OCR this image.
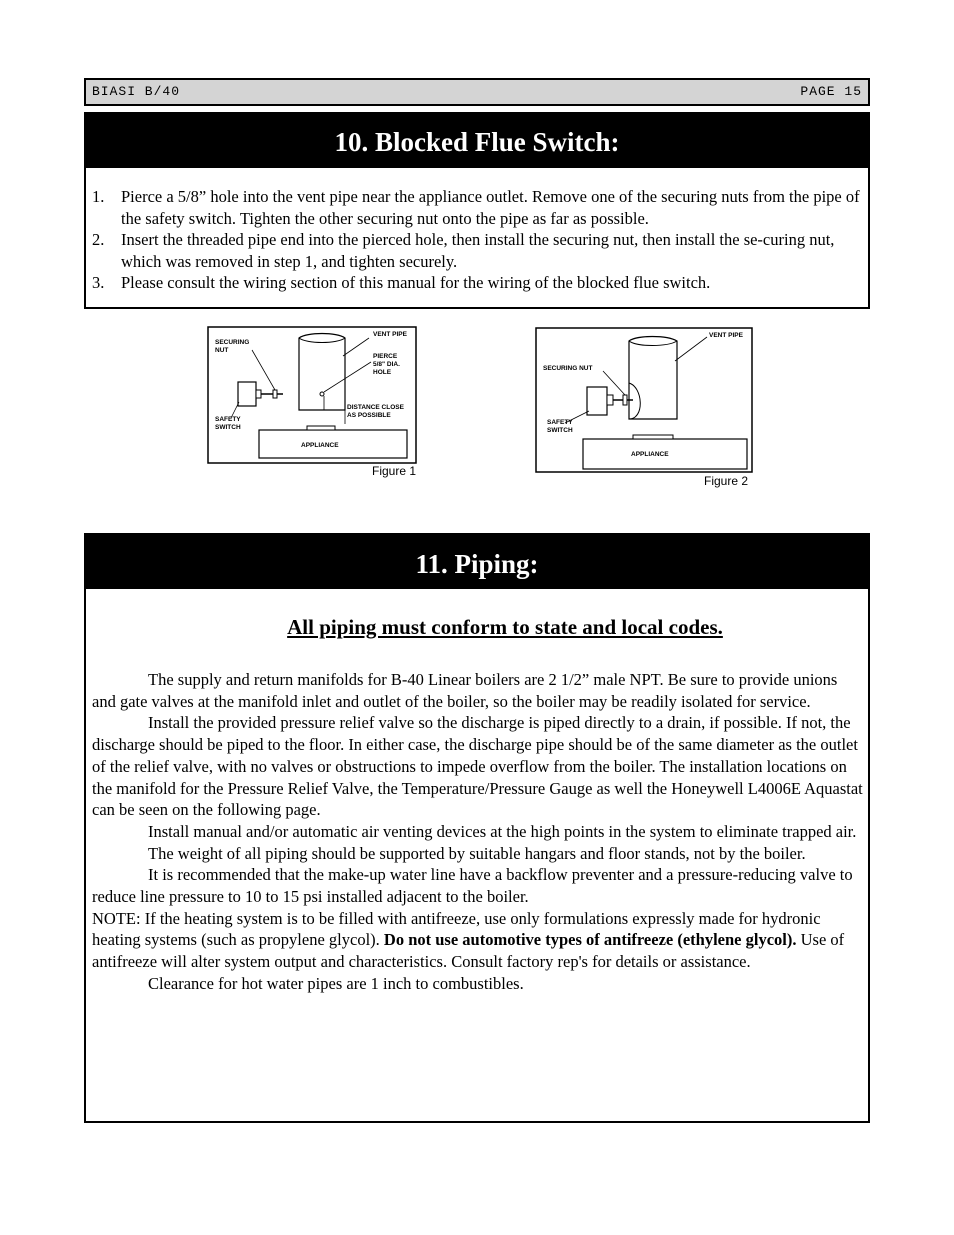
BIASI B/40	PAGE 15
10. Blocked Flue Switch:
1. Pierce a 5/8” hole into the vent pipe near the appliance outlet. Remove one of the securing nuts from the pipe of the safety switch. Tighten the other securing nut onto the pipe as far as possible.
2. Insert the threaded pipe end into the pierced hole, then install the securing nut, then install the se-curing nut, which was removed in step 1, and tighten securely.
3. Please consult the wiring section of this manual for the wiring of the blocked flue switch.
SECURING
NUT
VENT PIPE
PIERCE
5/8" DIA.
HOLE
DISTANCE CLOSE
AS POSSIBLE
SAFETY
SWITCH
APPLIANCE
Figure 1
VENT PIPE
SECURING NUT
SAFETY
SWITCH
APPLIANCE
Figure 2
11. Piping:
All piping must conform to state and local codes.

The supply and return manifolds for B-40 Linear boilers are 2 1/2” male NPT. Be sure to provide unions and gate valves at the manifold inlet and outlet of the boiler, so the boiler may be readily isolated for service.

Install the provided pressure relief valve so the discharge is piped directly to a drain, if possible. If not, the discharge should be piped to the floor. In either case, the discharge pipe should be of the same diameter as the outlet of the relief valve, with no valves or obstructions to impede overflow from the boiler. The installation locations on the manifold for the Pressure Relief Valve, the Temperature/Pressure Gauge as well the Honeywell L4006E Aquastat can be seen on the following page.

Install manual and/or automatic air venting devices at the high points in the system to eliminate trapped air.

The weight of all piping should be supported by suitable hangars and floor stands, not by the boiler.

It is recommended that the make-up water line have a backflow preventer and a pressure-reducing valve to reduce line pressure to 10 to 15 psi installed adjacent to the boiler.

NOTE: If the heating system is to be filled with antifreeze, use only formulations expressly made for hydronic heating systems (such as propylene glycol). Do not use automotive types of antifreeze (ethylene glycol). Use of antifreeze will alter system output and characteristics. Consult factory rep's for details or assistance.

Clearance for hot water pipes are 1 inch to combustibles.
